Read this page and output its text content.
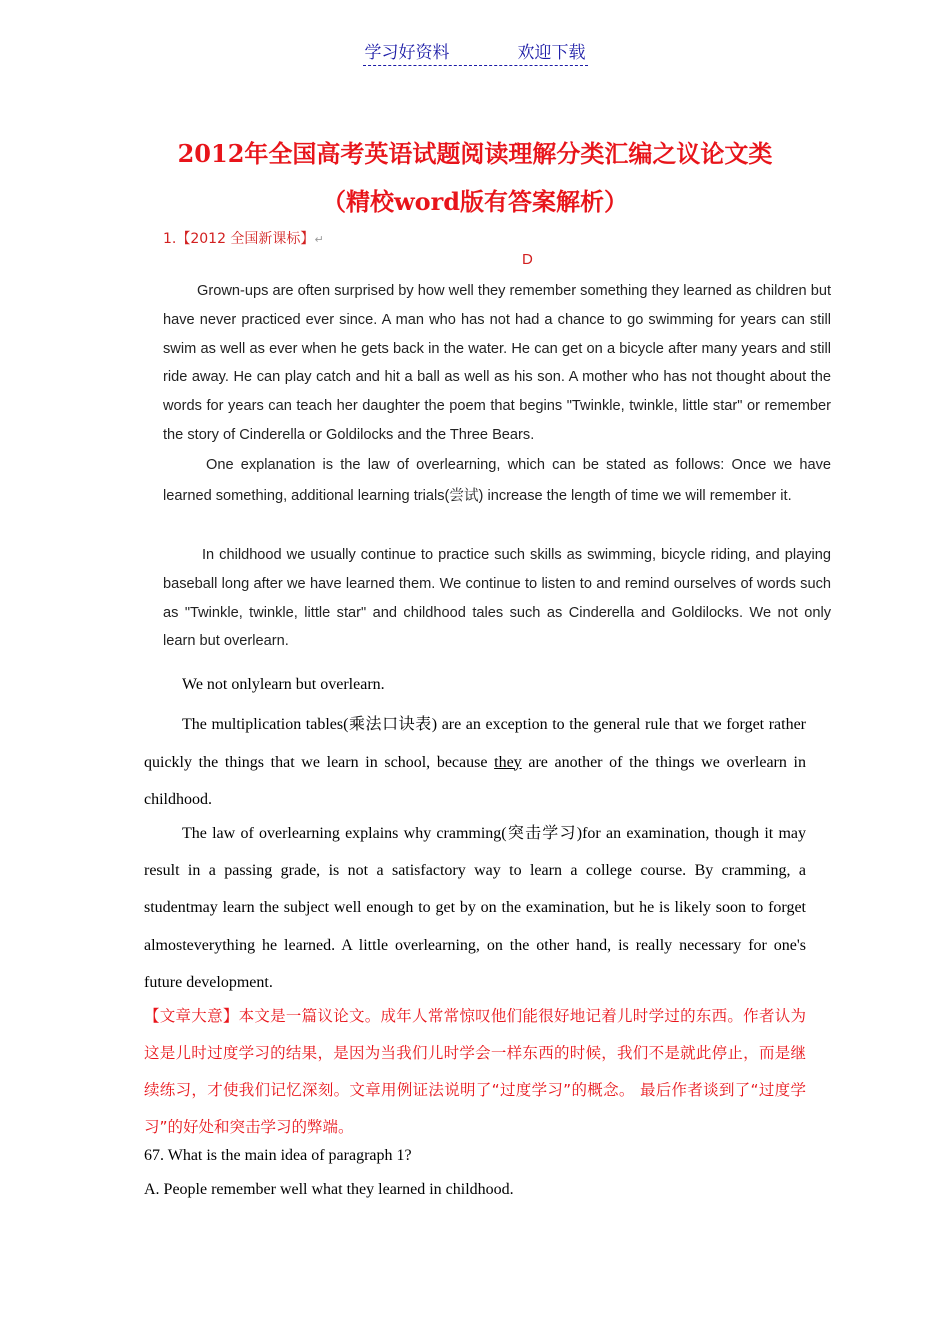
学习好资料	欢迎下载
2012年全国高考英语试题阅读理解分类汇编之议论文类
（精校word版有答案解析）
1.【2012 全国新课标】↵
D

Grown-ups are often surprised by how well they remember something they learned as children but have never practiced ever since. A man who has not had a chance to go swimming for years can still swim as well as ever when he gets back in the water. He can get on a bicycle after many years and still ride away. He can play catch and hit a ball as well as his son. A mother who has not thought about the words for years can teach her daughter the poem that begins "Twinkle, twinkle, little star" or remember the story of Cinderella or Goldilocks and the Three Bears.

One explanation is the law of overlearning, which can be stated as follows: Once we have learned something, additional learning trials(尝试) increase the length of time we will remember it.

In childhood we usually continue to practice such skills as swimming, bicycle riding, and playing baseball long after we have learned them. We continue to listen to and remind ourselves of words such as "Twinkle, twinkle, little star" and childhood tales such as Cinderella and Goldilocks. We not only learn but overlearn.

We not onlylearn but overlearn.

The multiplication tables(乘法口诀表) are an exception to the general rule that we forget rather quickly the things that we learn in school, because they are another of the things we overlearn in childhood.

The law of overlearning explains why cramming(突击学习)for an examination, though it may result in a passing grade, is not a satisfactory way to learn a college course. By cramming, a studentmay learn the subject well enough to get by on the examination, but he is likely soon to forget almosteverything he learned. A little overlearning, on the other hand, is really necessary for one's future development.

【文章大意】本文是一篇议论文。成年人常常惊叹他们能很好地记着儿时学过的东西。作者认为这是儿时过度学习的结果，是因为当我们儿时学会一样东西的时候，我们不是就此停止，而是继续练习，才使我们记忆深刻。文章用例证法说明了“过度学习”的概念。 最后作者谈到了“过度学习”的好处和突击学习的弊端。

67. What is the main idea of paragraph 1?

A. People remember well what they learned in childhood.
